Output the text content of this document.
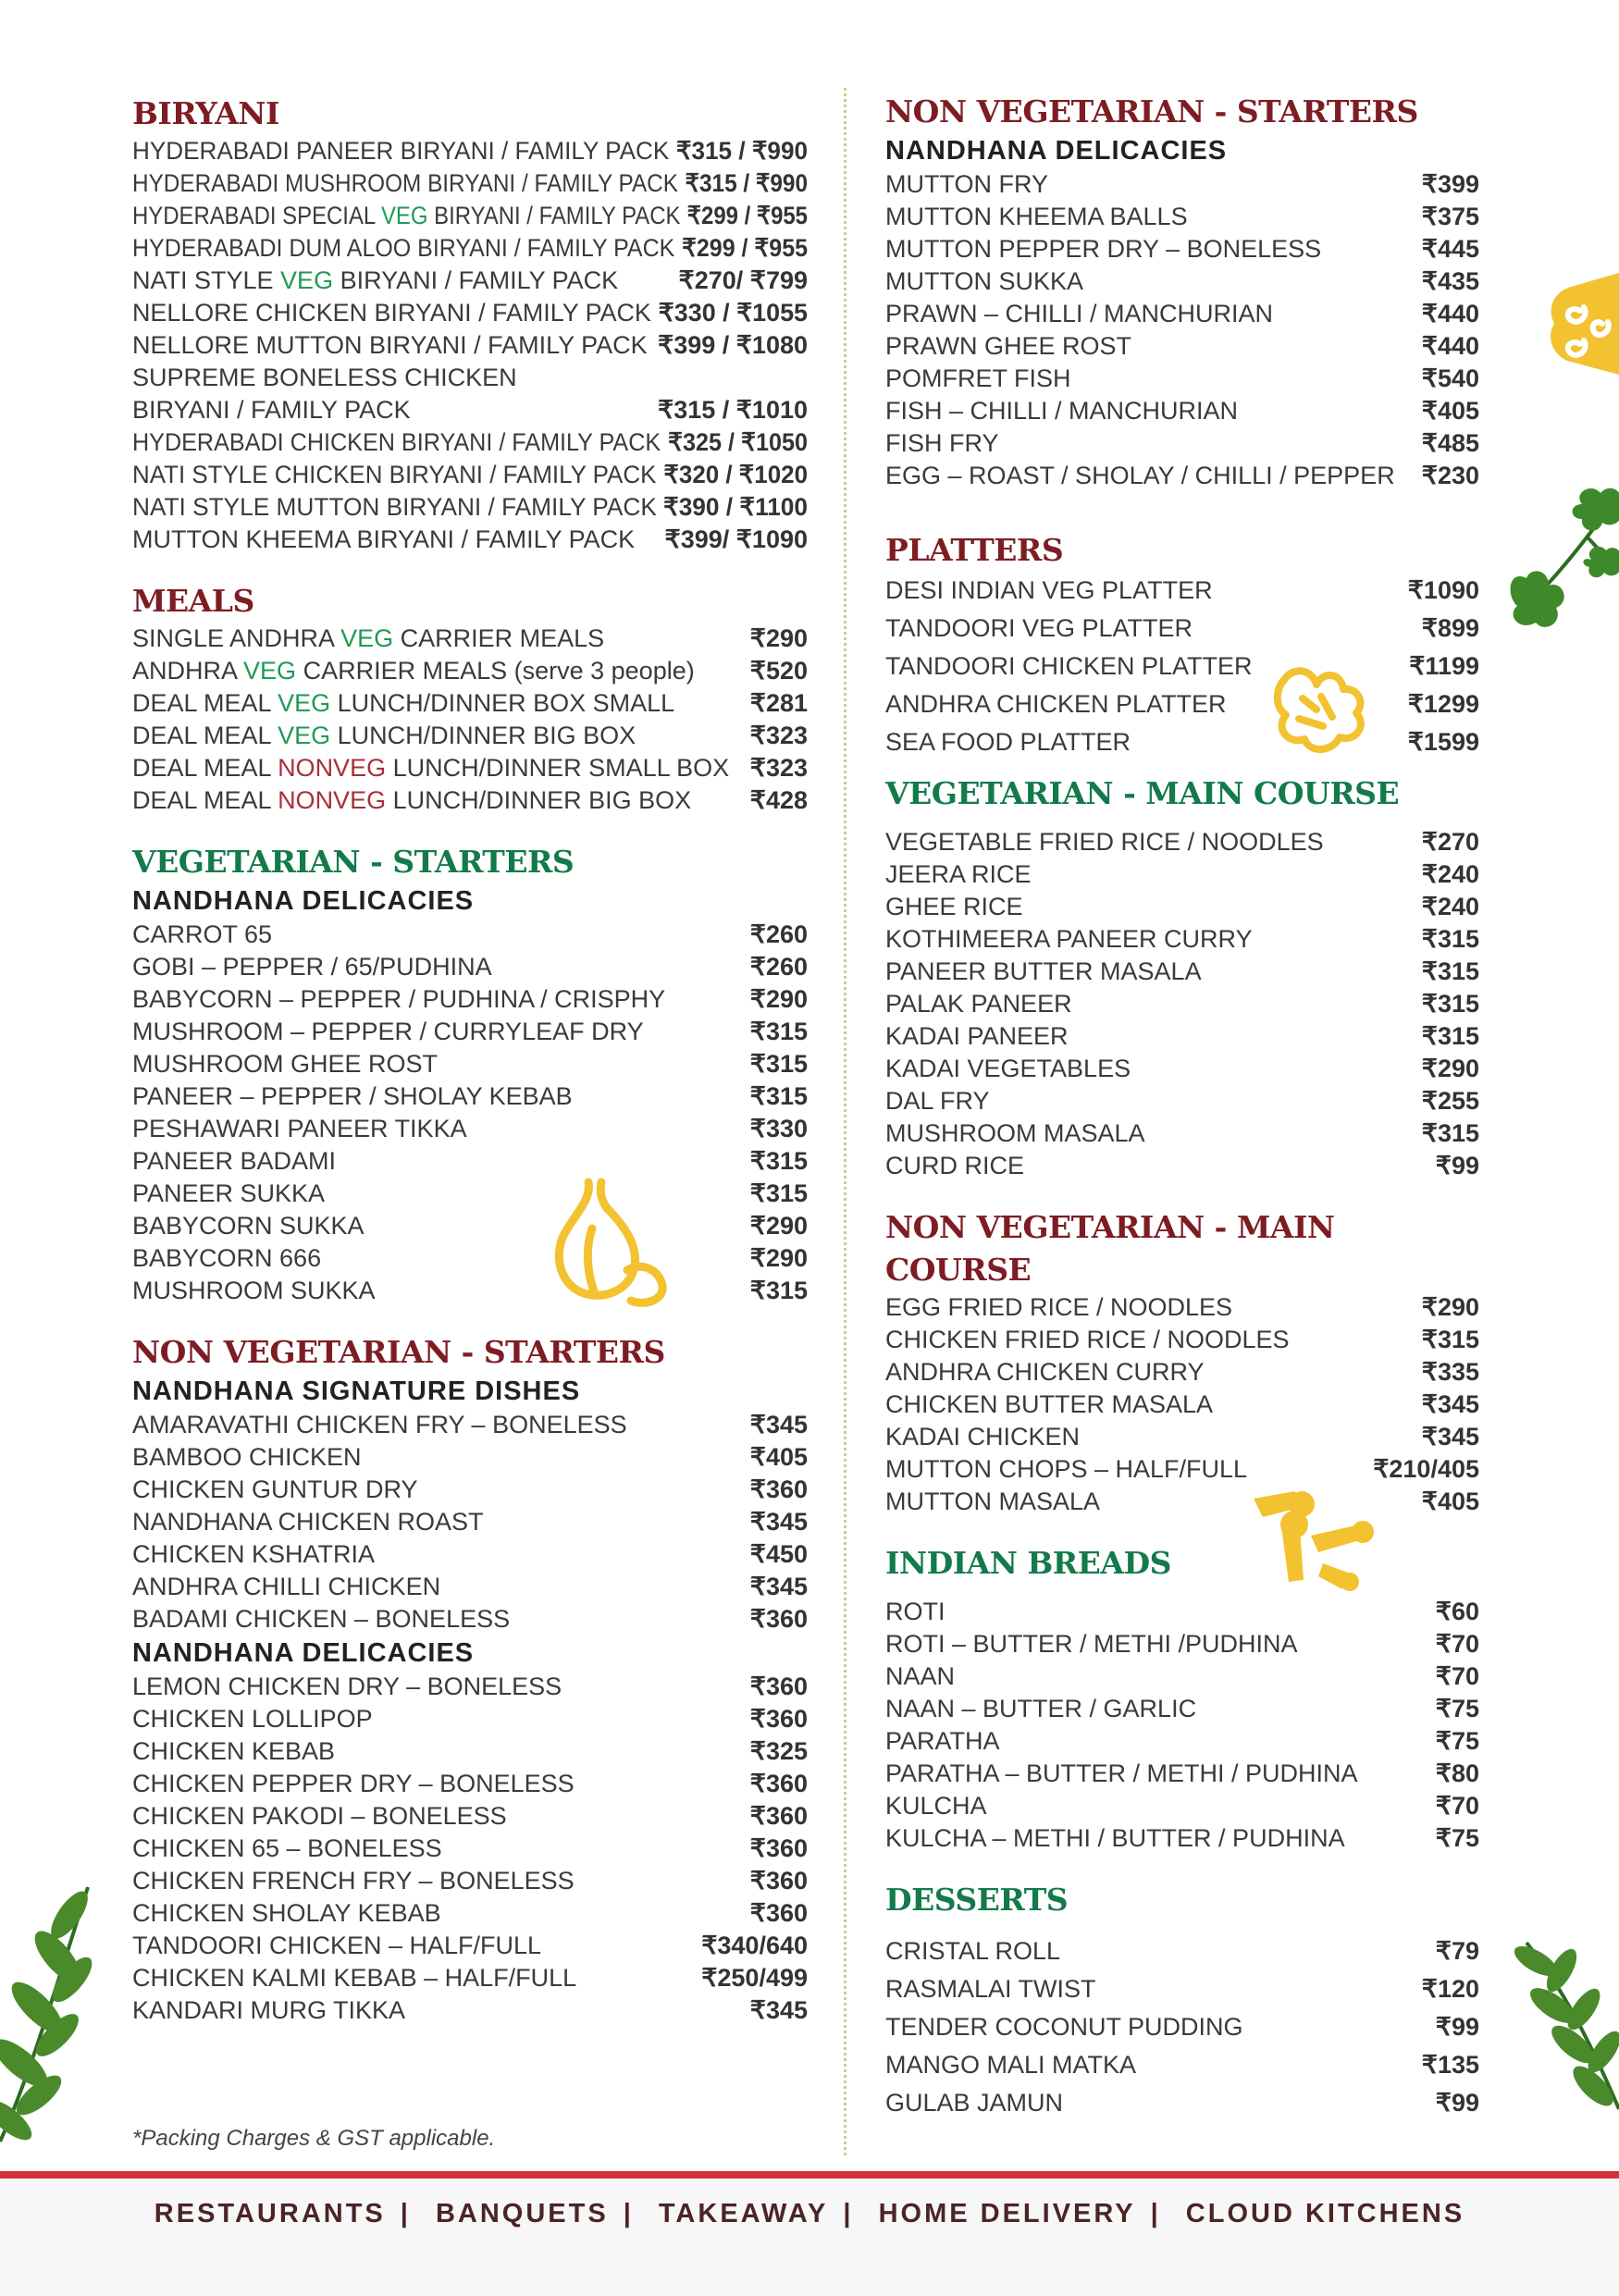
BIRYANI
HYDERABADI PANEER BIRYANI / FAMILY PACK ₹315 / ₹990
HYDERABADI MUSHROOM BIRYANI / FAMILY PACK ₹315 / ₹990
HYDERABADI SPECIAL VEG BIRYANI / FAMILY PACK ₹299 / ₹955
HYDERABADI DUM ALOO BIRYANI / FAMILY PACK ₹299 / ₹955
NATI STYLE VEG BIRYANI / FAMILY PACK ₹270/ ₹799
NELLORE CHICKEN BIRYANI / FAMILY PACK ₹330 / ₹1055
NELLORE MUTTON BIRYANI / FAMILY PACK ₹399 / ₹1080
SUPREME BONELESS CHICKEN
BIRYANI / FAMILY PACK	₹315 / ₹1010
HYDERABADI CHICKEN BIRYANI / FAMILY PACK ₹325 / ₹1050
NATI STYLE CHICKEN BIRYANI / FAMILY PACK ₹320 / ₹1020
NATI STYLE MUTTON BIRYANI / FAMILY PACK ₹390 / ₹1100
MUTTON KHEEMA BIRYANI / FAMILY PACK ₹399/ ₹1090
MEALS
SINGLE ANDHRA VEG CARRIER MEALS	₹290
ANDHRA VEG CARRIER MEALS (serve 3 people) ₹520
DEAL MEAL VEG LUNCH/DINNER BOX SMALL	₹281
DEAL MEAL VEG LUNCH/DINNER BIG BOX	₹323
DEAL MEAL NONVEG LUNCH/DINNER SMALL BOX ₹323
DEAL MEAL NONVEG LUNCH/DINNER BIG BOX ₹428
VEGETARIAN - STARTERS
NANDHANA DELICACIES
CARROT 65	₹260
GOBI – PEPPER / 65/PUDHINA	₹260
BABYCORN – PEPPER / PUDHINA / CRISPHY	₹290
MUSHROOM – PEPPER / CURRYLEAF DRY	₹315
MUSHROOM GHEE ROST	₹315
PANEER – PEPPER / SHOLAY KEBAB	₹315
PESHAWARI PANEER TIKKA	₹330
PANEER BADAMI	₹315
PANEER SUKKA	₹315
BABYCORN SUKKA	₹290
BABYCORN 666	₹290
MUSHROOM SUKKA	₹315
NON VEGETARIAN - STARTERS
NANDHANA SIGNATURE DISHES
AMARAVATHI CHICKEN FRY – BONELESS	₹345
BAMBOO CHICKEN	₹405
CHICKEN GUNTUR DRY	₹360
NANDHANA CHICKEN ROAST	₹345
CHICKEN KSHATRIA	₹450
ANDHRA CHILLI CHICKEN	₹345
BADAMI CHICKEN – BONELESS	₹360
NANDHANA DELICACIES
LEMON CHICKEN DRY – BONELESS	₹360
CHICKEN LOLLIPOP	₹360
CHICKEN KEBAB	₹325
CHICKEN PEPPER DRY – BONELESS	₹360
CHICKEN PAKODI – BONELESS	₹360
CHICKEN 65 – BONELESS	₹360
CHICKEN FRENCH FRY – BONELESS	₹360
CHICKEN SHOLAY KEBAB	₹360
TANDOORI CHICKEN – HALF/FULL	₹340/640
CHICKEN KALMI KEBAB – HALF/FULL	₹250/499
KANDARI MURG TIKKA	₹345
NON VEGETARIAN - STARTERS
NANDHANA DELICACIES
MUTTON FRY	₹399
MUTTON KHEEMA BALLS	₹375
MUTTON PEPPER DRY – BONELESS	₹445
MUTTON SUKKA	₹435
PRAWN – CHILLI / MANCHURIAN	₹440
PRAWN GHEE ROST	₹440
POMFRET FISH	₹540
FISH – CHILLI / MANCHURIAN	₹405
FISH FRY	₹485
EGG – ROAST / SHOLAY / CHILLI / PEPPER ₹230
PLATTERS
DESI INDIAN VEG PLATTER	₹1090
TANDOORI VEG PLATTER	₹899
TANDOORI CHICKEN PLATTER	₹1199
ANDHRA CHICKEN PLATTER	₹1299
SEA FOOD PLATTER	₹1599
VEGETARIAN - MAIN COURSE
VEGETABLE FRIED RICE / NOODLES	₹270
JEERA RICE	₹240
GHEE RICE	₹240
KOTHIMEERA PANEER CURRY	₹315
PANEER BUTTER MASALA	₹315
PALAK PANEER	₹315
KADAI PANEER	₹315
KADAI VEGETABLES	₹290
DAL FRY	₹255
MUSHROOM MASALA	₹315
CURD RICE	₹99
NON VEGETARIAN - MAIN COURSE
EGG FRIED RICE / NOODLES	₹290
CHICKEN FRIED RICE / NOODLES	₹315
ANDHRA CHICKEN CURRY	₹335
CHICKEN BUTTER MASALA	₹345
KADAI CHICKEN	₹345
MUTTON CHOPS – HALF/FULL	₹210/405
MUTTON MASALA	₹405
INDIAN BREADS
ROTI	₹60
ROTI – BUTTER / METHI /PUDHINA	₹70
NAAN	₹70
NAAN – BUTTER / GARLIC	₹75
PARATHA	₹75
PARATHA – BUTTER / METHI / PUDHINA	₹80
KULCHA	₹70
KULCHA – METHI / BUTTER / PUDHINA	₹75
DESSERTS
CRISTAL ROLL	₹79
RASMALAI TWIST	₹120
TENDER COCONUT PUDDING	₹99
MANGO MALI MATKA	₹135
GULAB JAMUN	₹99
*Packing Charges & GST applicable.
RESTAURANTS | BANQUETS | TAKEAWAY | HOME DELIVERY | CLOUD KITCHENS
